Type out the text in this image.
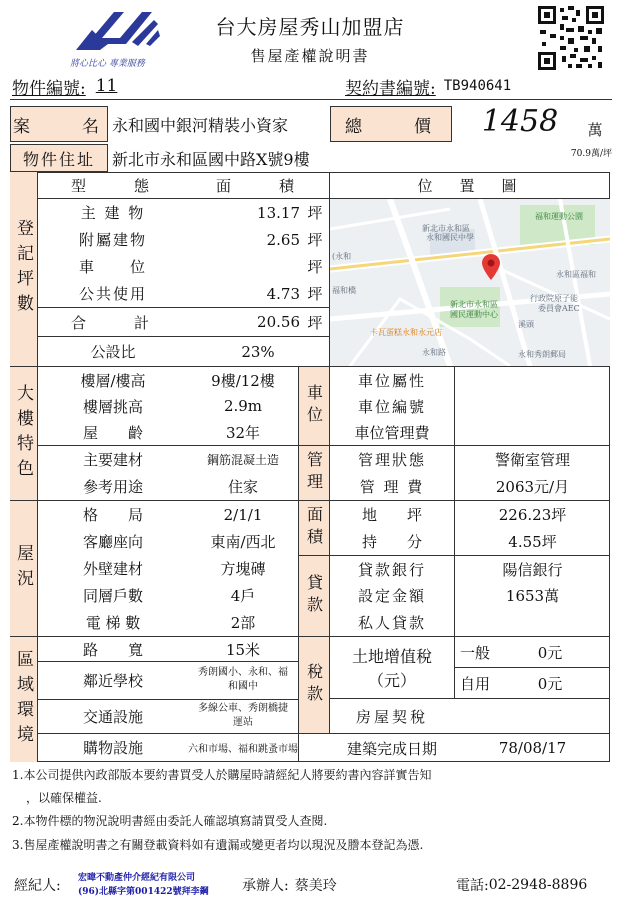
將心比心 專業服務
台大房屋秀山加盟店
售屋產權說明書
物件編號: 11	契約書編號: TB940641
案　　名 永和國中銀河精裝小資家	總　　價	1458	萬
物件住址	新北市永和區國中路X號9樓	70.9萬/坪
登記坪數
型　　態	面　　積	位　置　圖
主 建 物	13.17 坪
附屬建物	2.65 坪
車　　位	坪
公共使用	4.73 坪
合　　計	20.56 坪
公設比	23%
新北市永和區
永和國民中學
福和運動公園
福和橋
(永和
新北市永和區
國民運動中心
行政院原子能
委員會AEC
卡瓦蛋糕永和永元店
永和路	永和秀朗郵局
永和區福和
溪頭
大樓特色
樓層/樓高	9樓/12樓
樓層挑高	2.9m
屋　　齡	32年
主要建材	鋼筋混凝土造
參考用途	住家
車位
車位屬性
車位編號
車位管理費
管理	管理狀態	警衛室管理
管 理 費	2063元/月
屋況
格　　局	2/1/1
客廳座向	東南/西北
外壁建材	方塊磚
同層戶數	4戶
電 梯 數	2部
面積	地　　坪	226.23坪
持　　分	4.55坪
貸款
貸款銀行	陽信銀行
設定金額	1653萬
私人貸款
區域環境	路　　寬	15米
鄰近學校	秀朗國小、永和、福和國中
交通設施	多線公車、秀朗橋捷運站
購物設施	六和市場、福和跳蚤市場
稅款
土地增值稅
（元）
一般	0元
自用	0元
房屋契稅
建築完成日期	78/08/17
1.本公司提供內政部版本要約書買受人於購屋時請經紀人將要約書內容詳實告知
，以確保權益.
2.本物件標的物況說明書經由委託人確認填寫請買受人查閱.
3.售屋產權說明書之有關登載資料如有遺漏或變更者均以現況及謄本登記為憑.
經紀人: 宏暐不動產仲介經紀有限公司
(96)北縣字第001422號拜李鋼 承辦人: 蔡美玲	電話: 02-2948-8896
